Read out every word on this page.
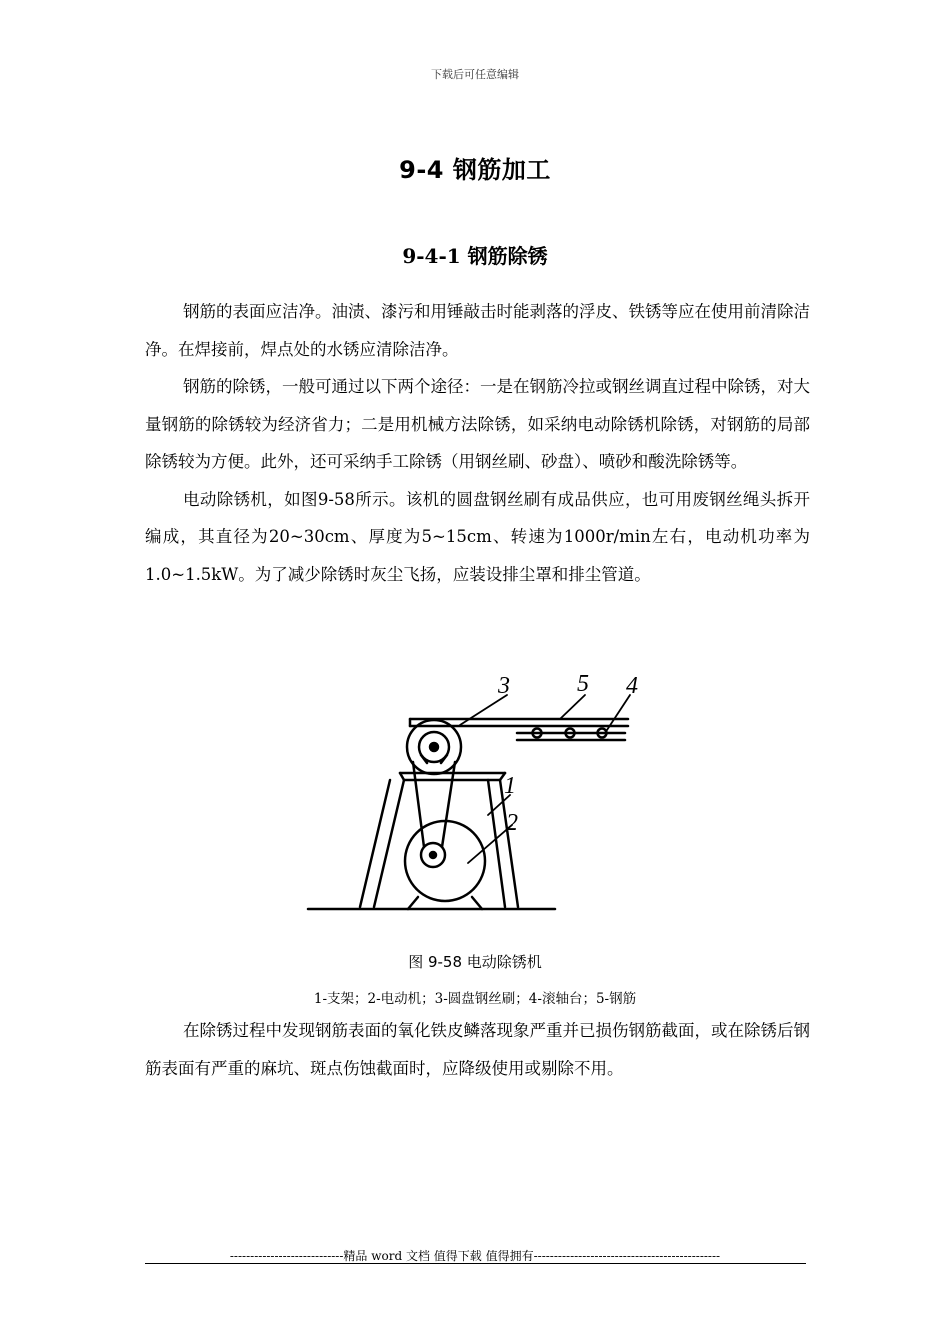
下载后可任意编辑
9-4 钢筋加工
9-4-1 钢筋除锈

钢筋的表面应洁净。油渍、漆污和用锤敲击时能剥落的浮皮、铁锈等应在使用前清除洁净。在焊接前，焊点处的水锈应清除洁净。

钢筋的除锈，一般可通过以下两个途径：一是在钢筋冷拉或钢丝调直过程中除锈，对大量钢筋的除锈较为经济省力；二是用机械方法除锈，如采纳电动除锈机除锈，对钢筋的局部除锈较为方便。此外，还可采纳手工除锈（用钢丝刷、砂盘）、喷砂和酸洗除锈等。

电动除锈机，如图9-58所示。该机的圆盘钢丝刷有成品供应，也可用废钢丝绳头拆开编成，其直径为20~30cm、厚度为5~15cm、转速为1000r/min左右，电动机功率为1.0~1.5kW。为了减少除锈时灰尘飞扬，应装设排尘罩和排尘管道。

3	5 4
1
2
图 9-58 电动除锈机
1-支架；2-电动机；3-圆盘钢丝刷；4-滚轴台；5-钢筋

在除锈过程中发现钢筋表面的氧化铁皮鳞落现象严重并已损伤钢筋截面，或在除锈后钢筋表面有严重的麻坑、斑点伤蚀截面时，应降级使用或剔除不用。

----------------------------精品 word 文档 值得下载 值得拥有----------------------------------------------
